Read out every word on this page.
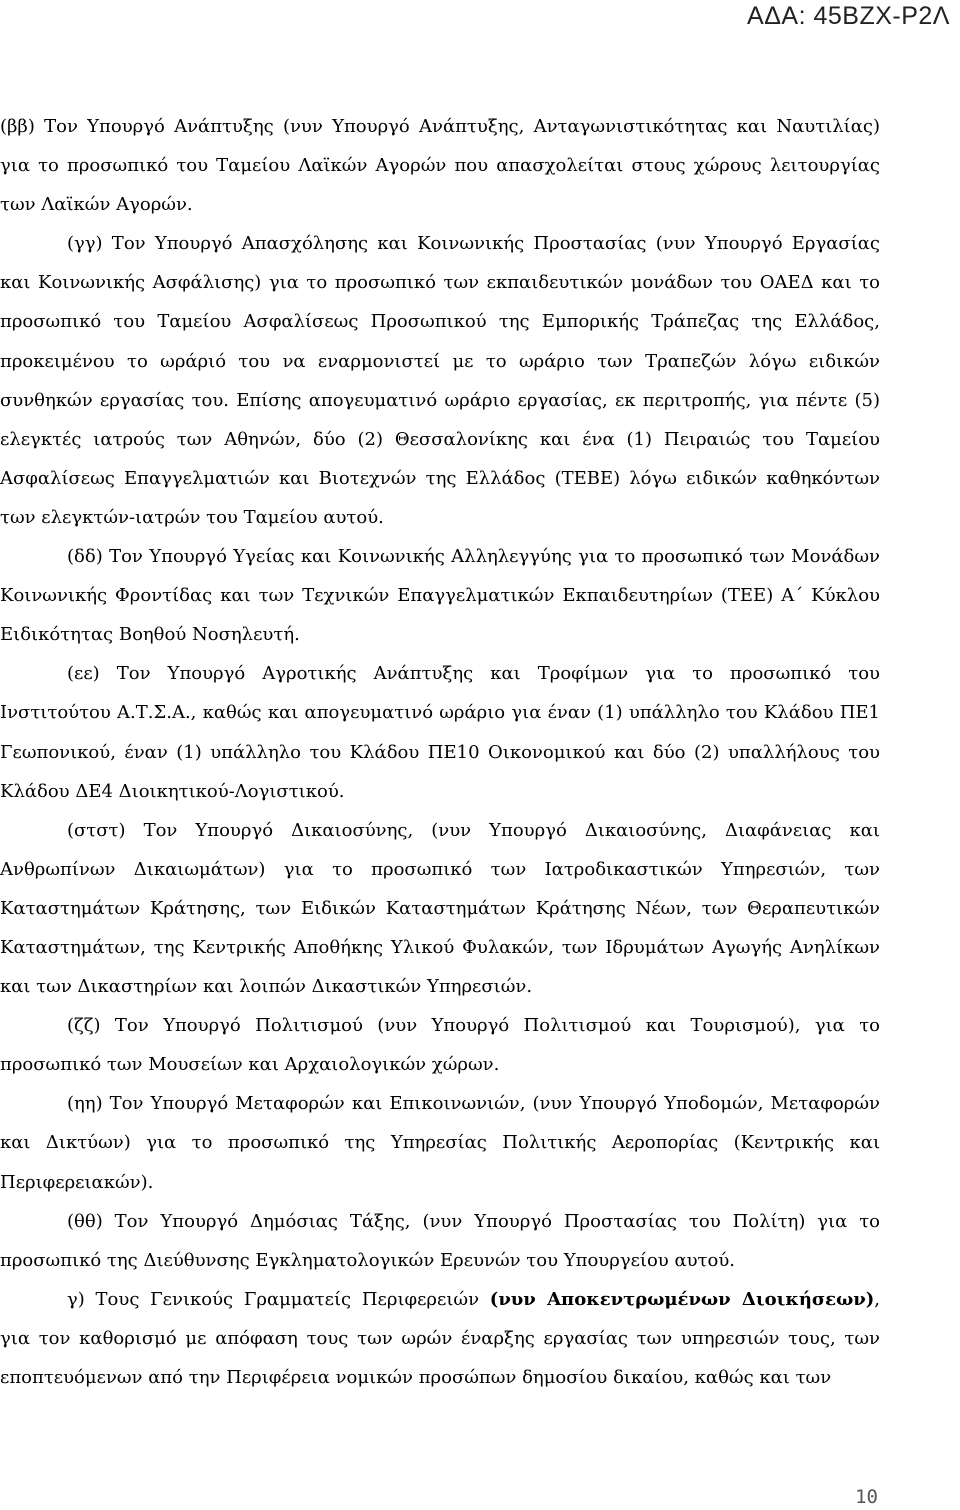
ΑΔΑ: 45ΒΖΧ-Ρ2Λ

(ββ) Τον Υπουργό Ανάπτυξης (νυν Υπουργό Ανάπτυξης, Ανταγωνιστικότητας και Ναυτιλίας) για το προσωπικό του Ταμείου Λαϊκών Αγορών που απασχολείται στους χώρους λειτουργίας των Λαϊκών Αγορών.

(γγ) Τον Υπουργό Απασχόλησης και Κοινωνικής Προστασίας (νυν Υπουργό Εργασίας και Κοινωνικής Ασφάλισης) για το προσωπικό των εκπαιδευτικών μονάδων του ΟΑΕΔ και το προσωπικό του Ταμείου Ασφαλίσεως Προσωπικού της Εμπορικής Τράπεζας της Ελλάδος, προκειμένου το ωράριό του να εναρμονιστεί με το ωράριο των Τραπεζών λόγω ειδικών συνθηκών εργασίας του. Επίσης απογευματινό ωράριο εργασίας, εκ περιτροπής, για πέντε (5) ελεγκτές ιατρούς των Αθηνών, δύο (2) Θεσσαλονίκης και ένα (1) Πειραιώς του Ταμείου Ασφαλίσεως Επαγγελματιών και Βιοτεχνών της Ελλάδος (ΤΕΒΕ) λόγω ειδικών καθηκόντων των ελεγκτών-ιατρών του Ταμείου αυτού.

(δδ) Τον Υπουργό Υγείας και Κοινωνικής Αλληλεγγύης για το προσωπικό των Μονάδων Κοινωνικής Φροντίδας και των Τεχνικών Επαγγελματικών Εκπαιδευτηρίων (ΤΕΕ) Α΄ Κύκλου Ειδικότητας Βοηθού Νοσηλευτή.

(εε) Τον Υπουργό Αγροτικής Ανάπτυξης και Τροφίμων για το προσωπικό του Ινστιτούτου Α.Τ.Σ.Α., καθώς και απογευματινό ωράριο για έναν (1) υπάλληλο του Κλάδου ΠΕ1 Γεωπονικού, έναν (1) υπάλληλο του Κλάδου ΠΕ10 Οικονομικού και δύο (2) υπαλλήλους του Κλάδου ΔΕ4 Διοικητικού-Λογιστικού.

(στστ) Τον Υπουργό Δικαιοσύνης, (νυν Υπουργό Δικαιοσύνης, Διαφάνειας και Ανθρωπίνων Δικαιωμάτων) για το προσωπικό των Ιατροδικαστικών Υπηρεσιών, των Καταστημάτων Κράτησης, των Ειδικών Καταστημάτων Κράτησης Νέων, των Θεραπευτικών Καταστημάτων, της Κεντρικής Αποθήκης Υλικού Φυλακών, των Ιδρυμάτων Αγωγής Ανηλίκων και των Δικαστηρίων και λοιπών Δικαστικών Υπηρεσιών.

(ζζ) Τον Υπουργό Πολιτισμού (νυν Υπουργό Πολιτισμού και Τουρισμού), για το προσωπικό των Μουσείων και Αρχαιολογικών χώρων.

(ηη) Τον Υπουργό Μεταφορών και Επικοινωνιών, (νυν Υπουργό Υποδομών, Μεταφορών και Δικτύων) για το προσωπικό της Υπηρεσίας Πολιτικής Αεροπορίας (Κεντρικής και Περιφερειακών).

(θθ) Τον Υπουργό Δημόσιας Τάξης, (νυν Υπουργό Προστασίας του Πολίτη) για το προσωπικό της Διεύθυνσης Εγκληματολογικών Ερευνών του Υπουργείου αυτού.

γ) Τους Γενικούς Γραμματείς Περιφερειών (νυν Αποκεντρωμένων Διοικήσεων), για τον καθορισμό με απόφαση τους των ωρών έναρξης εργασίας των υπηρεσιών τους, των εποπτευόμενων από την Περιφέρεια νομικών προσώπων δημοσίου δικαίου, καθώς και των

10
